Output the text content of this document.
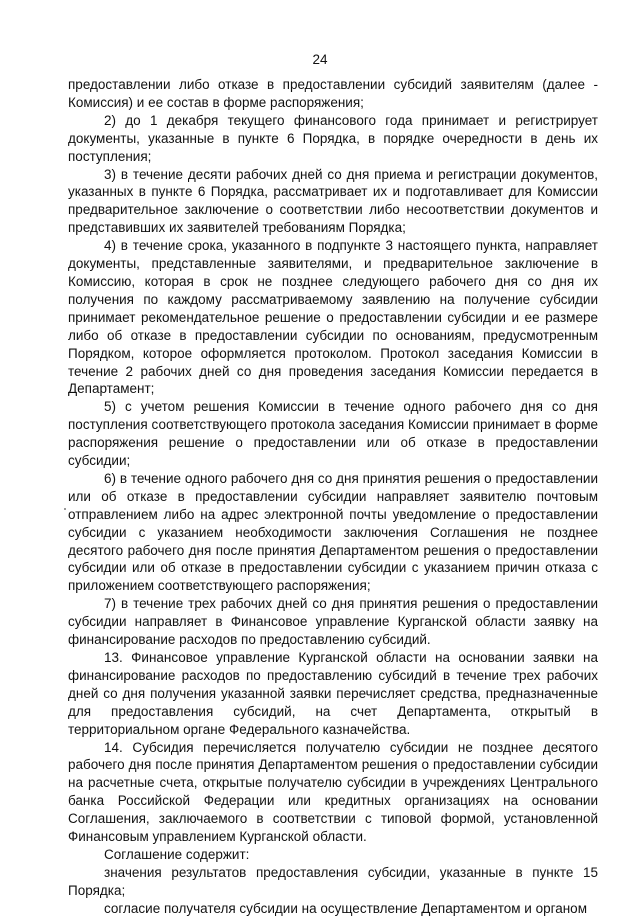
24

предоставлении либо отказе в предоставлении субсидий заявителям (далее - Комиссия) и ее состав в форме распоряжения;

2) до 1 декабря текущего финансового года принимает и регистрирует документы, указанные в пункте 6 Порядка, в порядке очередности в день их поступления;

3) в течение десяти рабочих дней со дня приема и регистрации документов, указанных в пункте 6 Порядка, рассматривает их и подготавливает для Комиссии предварительное заключение о соответствии либо несоответствии документов и представивших их заявителей требованиям Порядка;

4) в течение срока, указанного в подпункте 3 настоящего пункта, направляет документы, представленные заявителями, и предварительное заключение в Комиссию, которая в срок не позднее следующего рабочего дня со дня их получения по каждому рассматриваемому заявлению на получение субсидии принимает рекомендательное решение о предоставлении субсидии и ее размере либо об отказе в предоставлении субсидии по основаниям, предусмотренным Порядком, которое оформляется протоколом. Протокол заседания Комиссии в течение 2 рабочих дней со дня проведения заседания Комиссии передается в Департамент;

5) с учетом решения Комиссии в течение одного рабочего дня со дня поступления соответствующего протокола заседания Комиссии принимает в форме распоряжения решение о предоставлении или об отказе в предоставлении субсидии;

6) в течение одного рабочего дня со дня принятия решения о предоставлении или об отказе в предоставлении субсидии направляет заявителю почтовым отправлением либо на адрес электронной почты уведомление о предоставлении субсидии с указанием необходимости заключения Соглашения не позднее десятого рабочего дня после принятия Департаментом решения о предоставлении субсидии или об отказе в предоставлении субсидии с указанием причин отказа с приложением соответствующего распоряжения;

7) в течение трех рабочих дней со дня принятия решения о предоставлении субсидии направляет в Финансовое управление Курганской области заявку на финансирование расходов по предоставлению субсидий.

13. Финансовое управление Курганской области на основании заявки на финансирование расходов по предоставлению субсидий в течение трех рабочих дней со дня получения указанной заявки перечисляет средства, предназначенные для предоставления субсидий, на счет Департамента, открытый в территориальном органе Федерального казначейства.

14. Субсидия перечисляется получателю субсидии не позднее десятого рабочего дня после принятия Департаментом решения о предоставлении субсидии на расчетные счета, открытые получателю субсидии в учреждениях Центрального банка Российской Федерации или кредитных организациях на основании Соглашения, заключаемого в соответствии с типовой формой, установленной Финансовым управлением Курганской области.

Соглашение содержит:

значения результатов предоставления субсидии, указанные в пункте 15 Порядка;

согласие получателя субсидии на осуществление Департаментом и органом
